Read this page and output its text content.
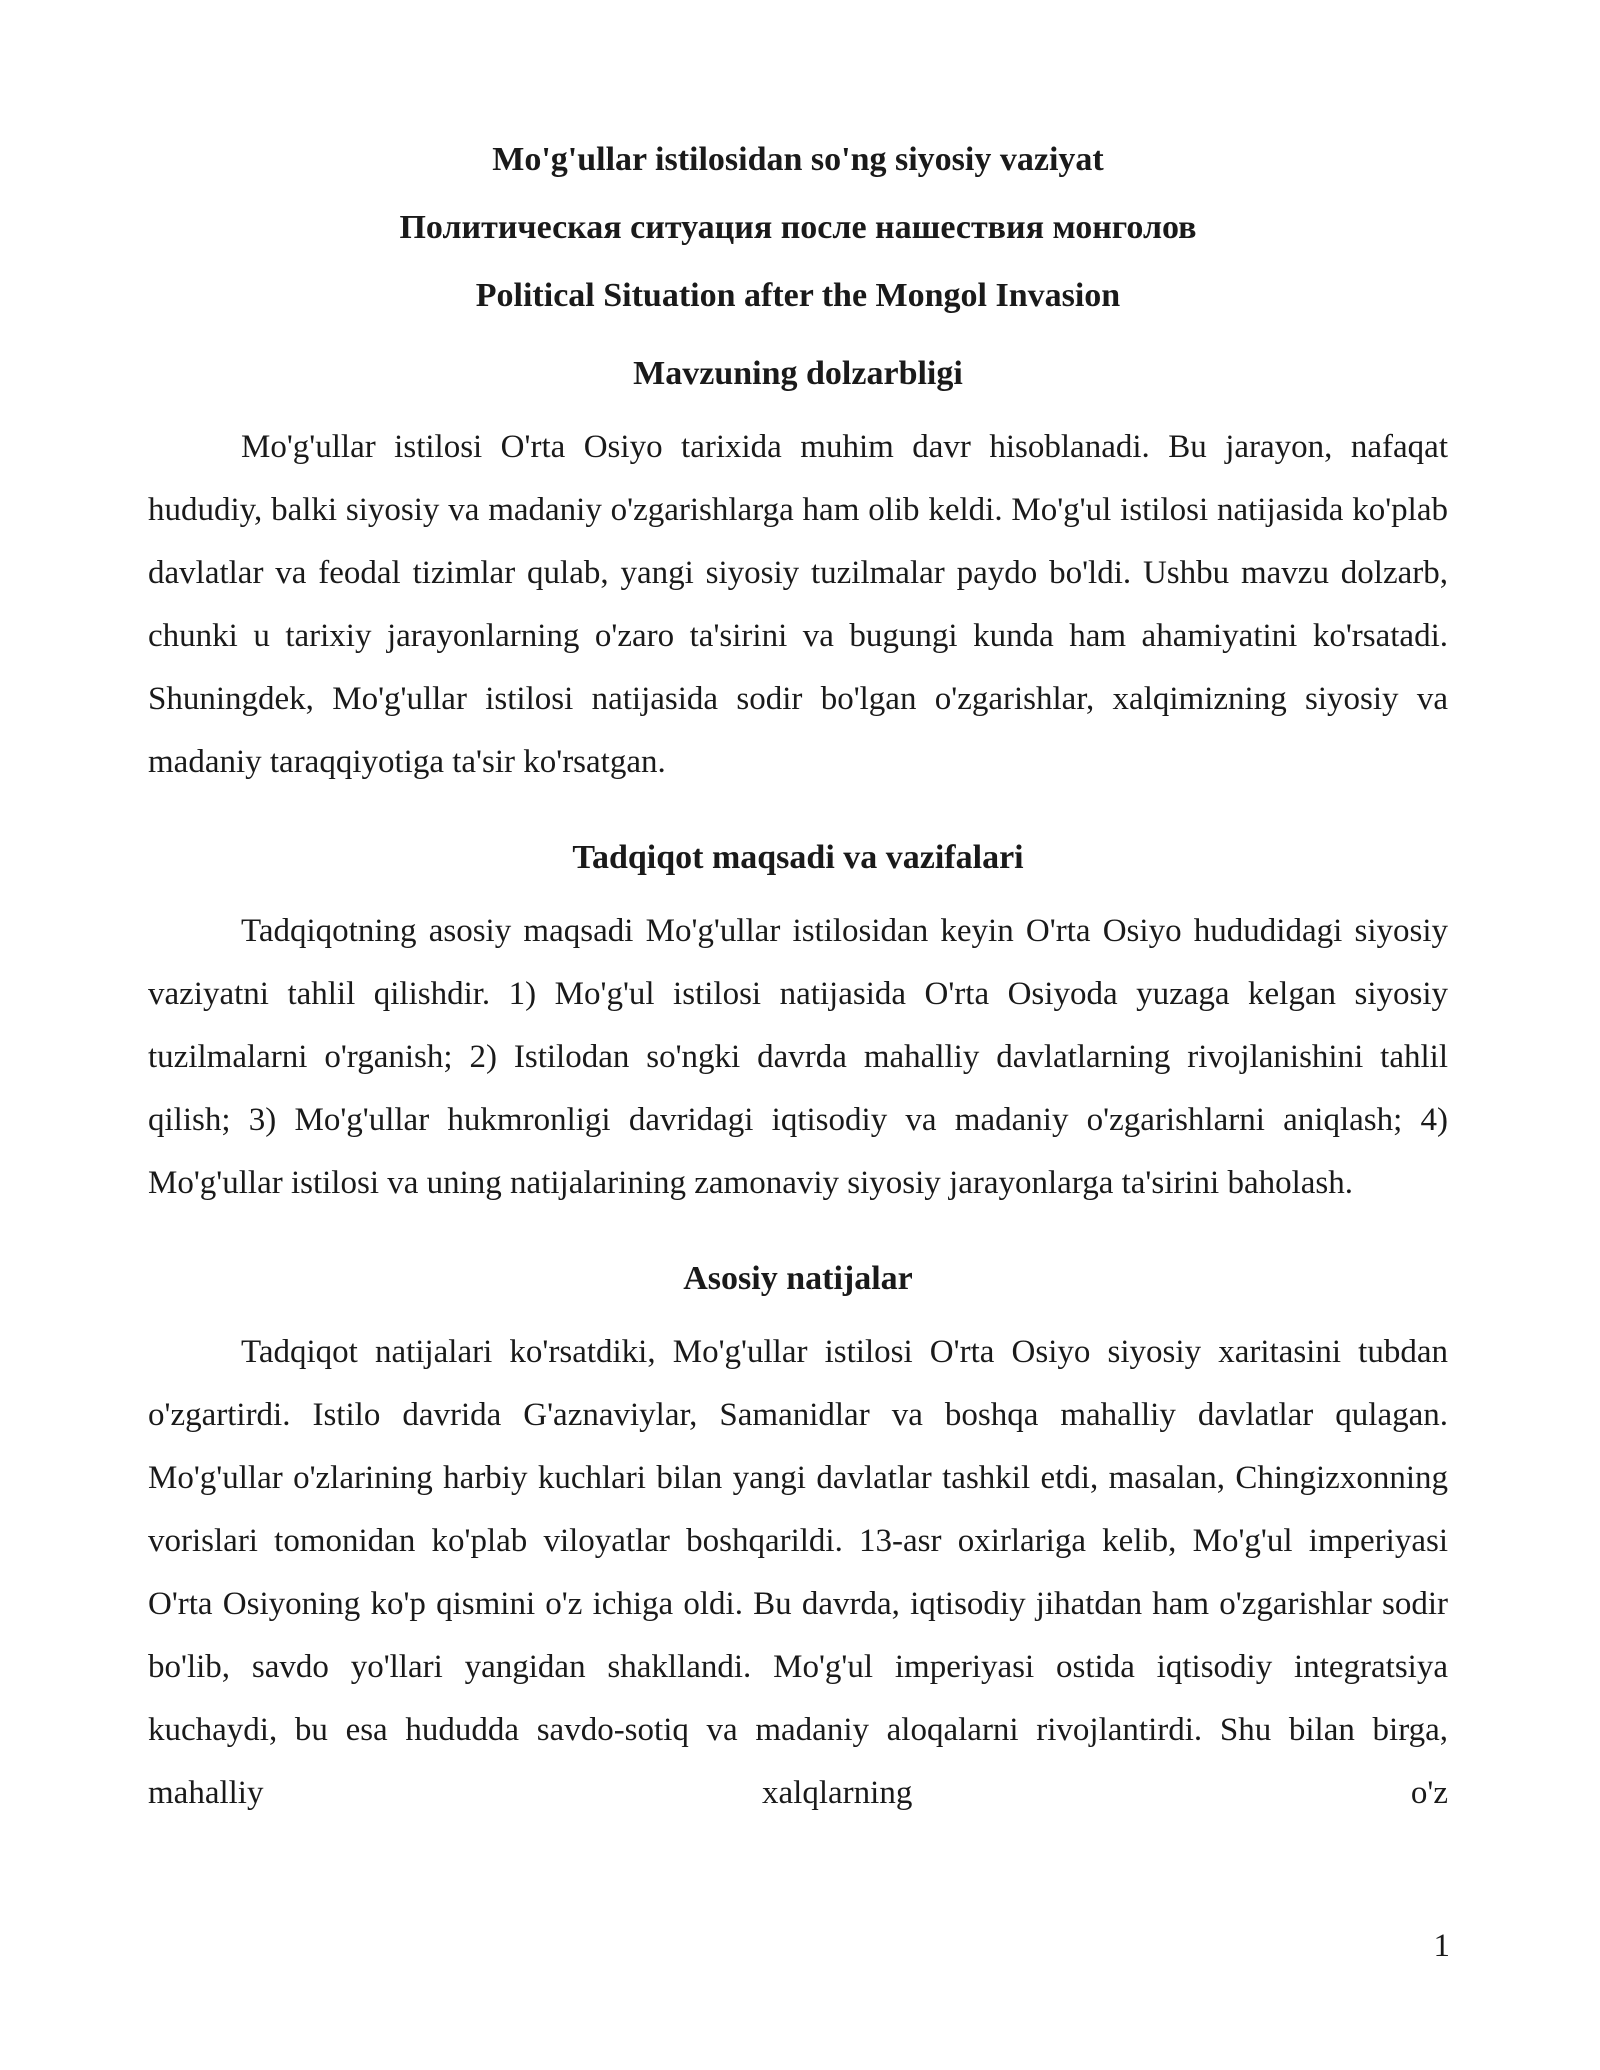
Mo'g'ullar istilosidan so'ng siyosiy vaziyat
Политическая ситуация после нашествия монголов
Political Situation after the Mongol Invasion
Mavzuning dolzarbligi

Mo'g'ullar istilosi O'rta Osiyo tarixida muhim davr hisoblanadi. Bu jarayon, nafaqat hududiy, balki siyosiy va madaniy o'zgarishlarga ham olib keldi. Mo'g'ul istilosi natijasida ko'plab davlatlar va feodal tizimlar qulab, yangi siyosiy tuzilmalar paydo bo'ldi. Ushbu mavzu dolzarb, chunki u tarixiy jarayonlarning o'zaro ta'sirini va bugungi kunda ham ahamiyatini ko'rsatadi. Shuningdek, Mo'g'ullar istilosi natijasida sodir bo'lgan o'zgarishlar, xalqimizning siyosiy va madaniy taraqqiyotiga ta'sir ko'rsatgan.

Tadqiqot maqsadi va vazifalari

Tadqiqotning asosiy maqsadi Mo'g'ullar istilosidan keyin O'rta Osiyo hududidagi siyosiy vaziyatni tahlil qilishdir. 1) Mo'g'ul istilosi natijasida O'rta Osiyoda yuzaga kelgan siyosiy tuzilmalarni o'rganish; 2) Istilodan so'ngki davrda mahalliy davlatlarning rivojlanishini tahlil qilish; 3) Mo'g'ullar hukmronligi davridagi iqtisodiy va madaniy o'zgarishlarni aniqlash; 4) Mo'g'ullar istilosi va uning natijalarining zamonaviy siyosiy jarayonlarga ta'sirini baholash.

Asosiy natijalar

Tadqiqot natijalari ko'rsatdiki, Mo'g'ullar istilosi O'rta Osiyo siyosiy xaritasini tubdan o'zgartirdi. Istilo davrida G'aznaviylar, Samanidlar va boshqa mahalliy davlatlar qulagan. Mo'g'ullar o'zlarining harbiy kuchlari bilan yangi davlatlar tashkil etdi, masalan, Chingizxonning vorislari tomonidan ko'plab viloyatlar boshqarildi. 13-asr oxirlariga kelib, Mo'g'ul imperiyasi O'rta Osiyoning ko'p qismini o'z ichiga oldi. Bu davrda, iqtisodiy jihatdan ham o'zgarishlar sodir bo'lib, savdo yo'llari yangidan shakllandi. Mo'g'ul imperiyasi ostida iqtisodiy integratsiya kuchaydi, bu esa hududda savdo-sotiq va madaniy aloqalarni rivojlantirdi. Shu bilan birga, mahalliy xalqlarning o'z

1
